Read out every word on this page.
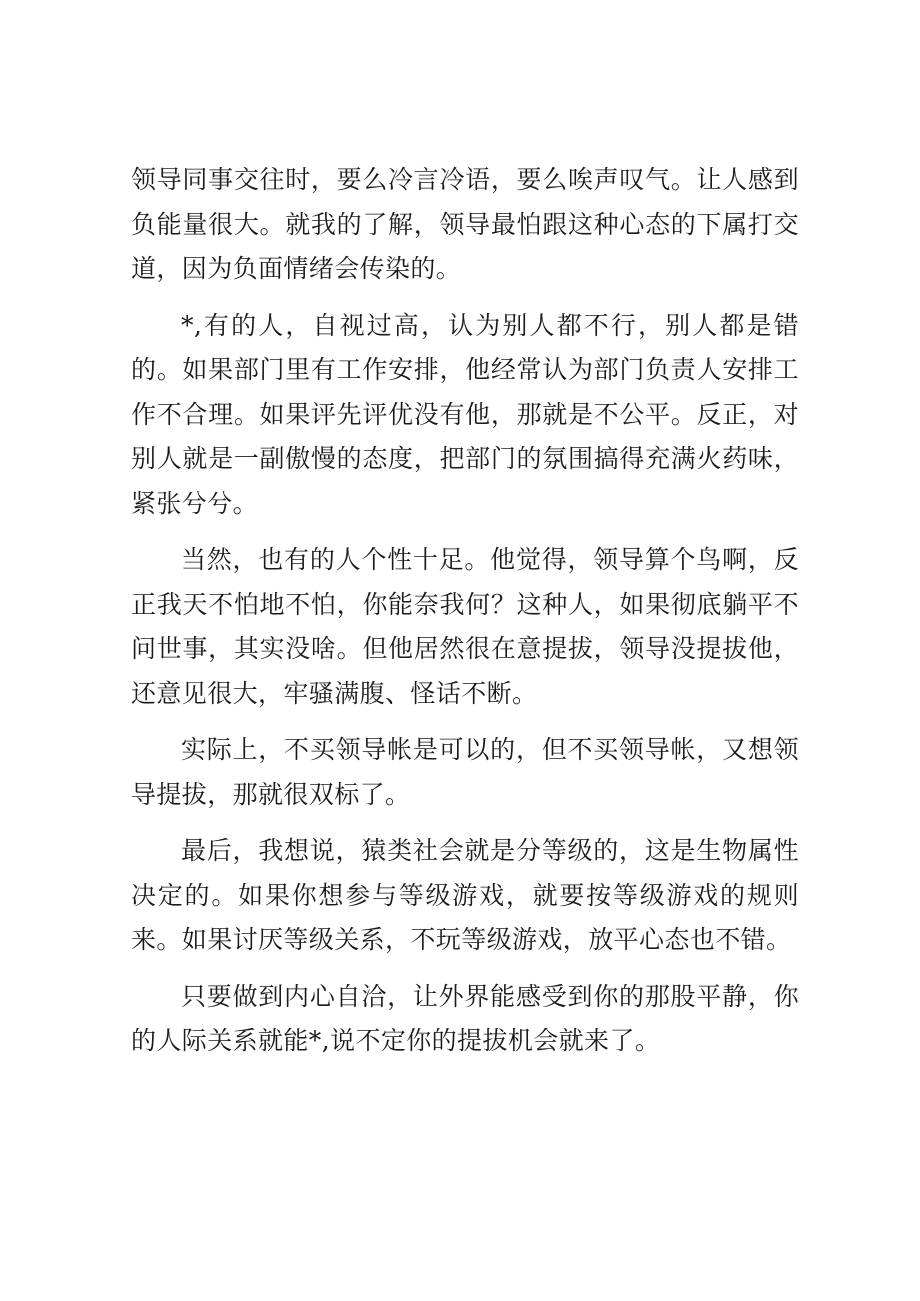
领导同事交往时，要么冷言冷语，要么唉声叹气。让人感到负能量很大。就我的了解，领导最怕跟这种心态的下属打交道，因为负面情绪会传染的。

*,有的人，自视过高，认为别人都不行，别人都是错的。如果部门里有工作安排，他经常认为部门负责人安排工作不合理。如果评先评优没有他，那就是不公平。反正，对别人就是一副傲慢的态度，把部门的氛围搞得充满火药味，紧张兮兮。

当然，也有的人个性十足。他觉得，领导算个鸟啊，反正我天不怕地不怕，你能奈我何？这种人，如果彻底躺平不问世事，其实没啥。但他居然很在意提拔，领导没提拔他，还意见很大，牢骚满腹、怪话不断。

实际上，不买领导帐是可以的，但不买领导帐，又想领导提拔，那就很双标了。

最后，我想说，猿类社会就是分等级的，这是生物属性决定的。如果你想参与等级游戏，就要按等级游戏的规则来。如果讨厌等级关系，不玩等级游戏，放平心态也不错。

只要做到内心自洽，让外界能感受到你的那股平静，你的人际关系就能*,说不定你的提拔机会就来了。
